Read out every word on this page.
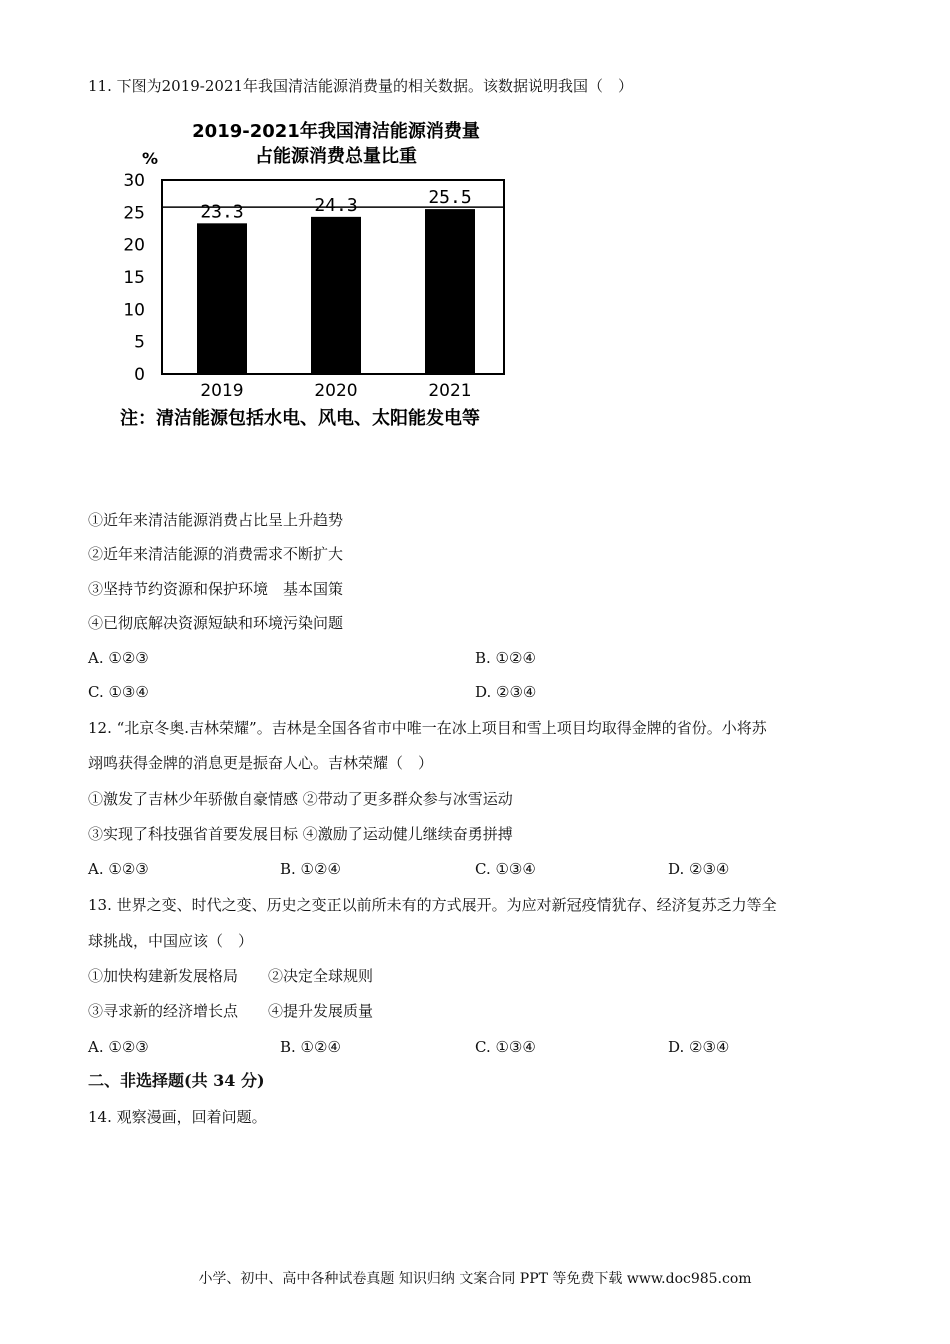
11. 下图为2019-2021年我国清洁能源消费量的相关数据。该数据说明我国（　）
2019-2021年我国清洁能源消费量
占能源消费总量比重
%
0
5
10
15
20
25
30
23.3	24.3	25.5
2019	2020	2021
注：清洁能源包括水电、风电、太阳能发电等
①近年来清洁能源消费占比呈上升趋势
②近年来清洁能源的消费需求不断扩大
③坚持节约资源和保护环境　基本国策
④已彻底解决资源短缺和环境污染问题
A. ①②③	B. ①②④
C. ①③④	D. ②③④
12. “北京冬奥.吉林荣耀”。吉林是全国各省市中唯一在冰上项目和雪上项目均取得金牌的省份。小将苏
翊鸣获得金牌的消息更是振奋人心。吉林荣耀（　）
①激发了吉林少年骄傲自豪情感 ②带动了更多群众参与冰雪运动
③实现了科技强省首要发展目标 ④激励了运动健儿继续奋勇拼搏
A. ①②③	B. ①②④	C. ①③④	D. ②③④
13. 世界之变、时代之变、历史之变正以前所未有的方式展开。为应对新冠疫情犹存、经济复苏乏力等全
球挑战，中国应该（　）
①加快构建新发展格局　　②决定全球规则
③寻求新的经济增长点　　④提升发展质量
A. ①②③	B. ①②④	C. ①③④	D. ②③④
二、非选择题(共 34 分)
14. 观察漫画，回着问题。
小学、初中、高中各种试卷真题 知识归纳 文案合同 PPT 等免费下载 www.doc985.com
